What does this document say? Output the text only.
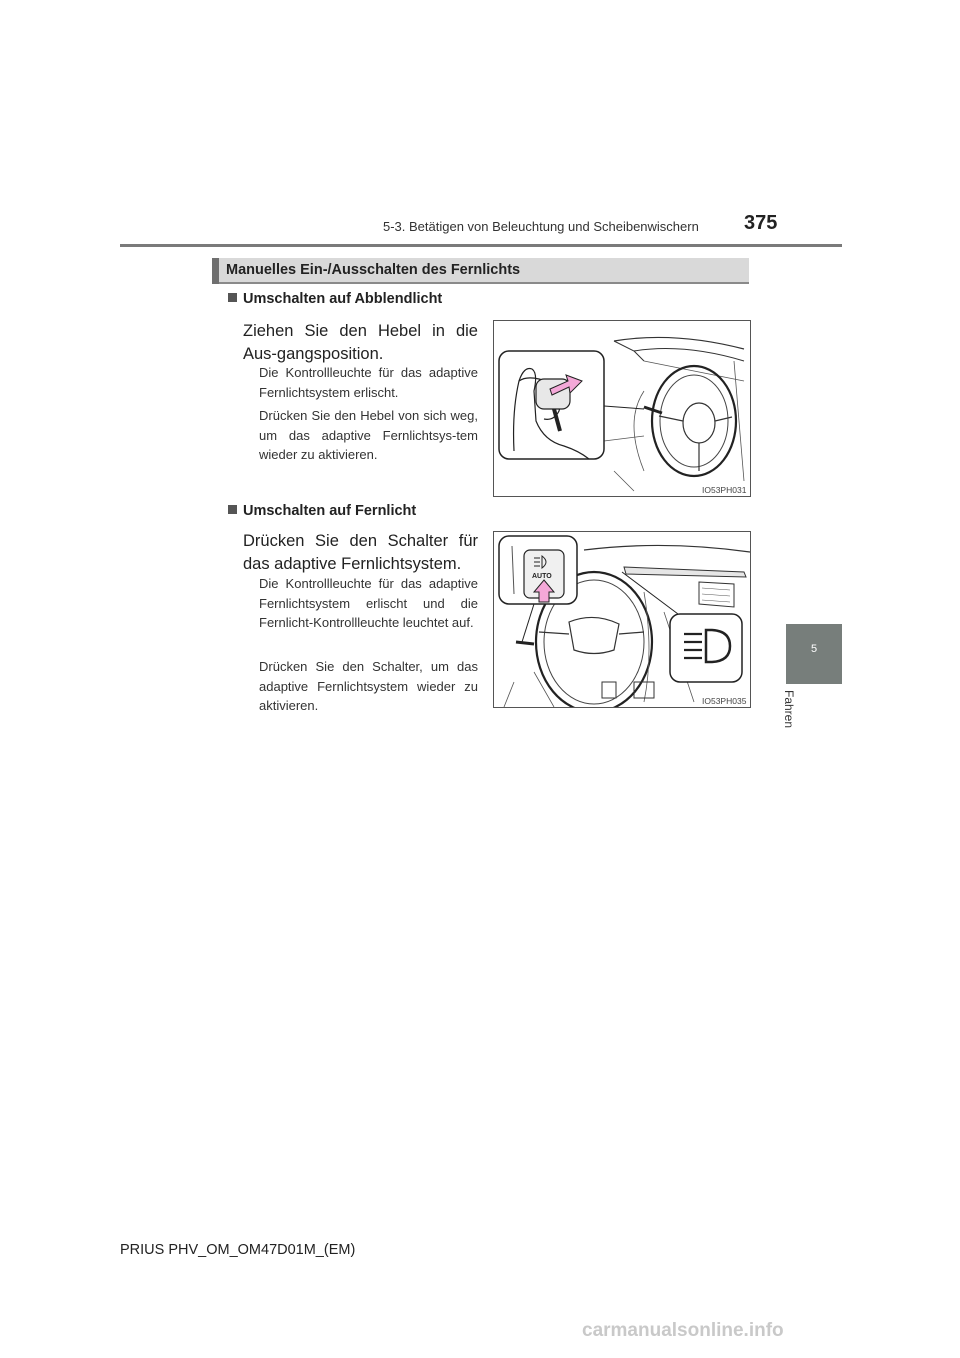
5-3. Betätigen von Beleuchtung und Scheibenwischern 375
Manuelles Ein-/Ausschalten des Fernlichts
5
Fahren
Umschalten auf Abblendlicht
Ziehen Sie den Hebel in die Aus-gangsposition.
Die Kontrollleuchte für das adaptive Fernlichtsystem erlischt.
Drücken Sie den Hebel von sich weg, um das adaptive Fernlichtsys-tem wieder zu aktivieren.
IO53PH031
Umschalten auf Fernlicht
Drücken Sie den Schalter für das adaptive Fernlichtsystem.
Die Kontrollleuchte für das adaptive Fernlichtsystem erlischt und die Fernlicht-Kontrollleuchte leuchtet auf.
Drücken Sie den Schalter, um das adaptive Fernlichtsystem wieder zu aktivieren.
AUTO
IO53PH035
PRIUS PHV_OM_OM47D01M_(EM)
carmanualsonline.info
